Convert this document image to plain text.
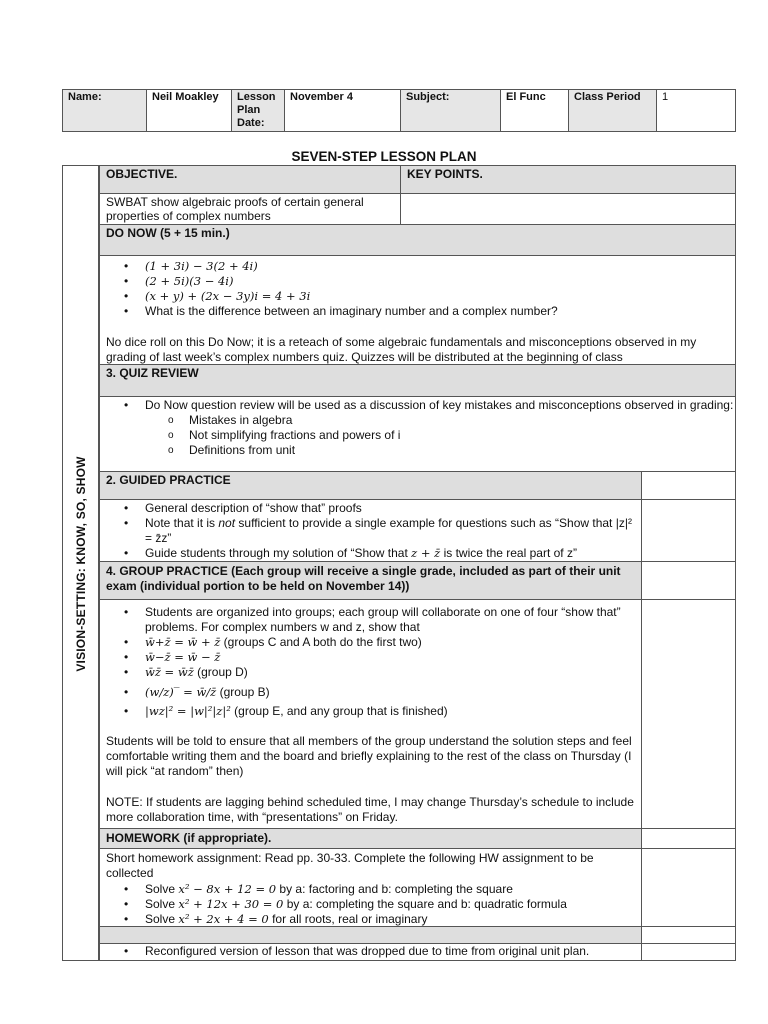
Name:	Neil Moakley	Lesson Plan Date:	November 4	Subject:	El Func	Class Period	1
SEVEN-STEP LESSON PLAN
VISION-SETTING: KNOW, SO, SHOW
OBJECTIVE.	KEY POINTS.
SWBAT show algebraic proofs of certain general properties of complex numbers
DO NOW (5 + 15 min.)
• (1 + 3i) − 3(2 + 4i)
• (2 + 5i)(3 − 4i)
• (x + y) + (2x − 3y)i = 4 + 3i
• What is the difference between an imaginary number and a complex number?
No dice roll on this Do Now; it is a reteach of some algebraic fundamentals and misconceptions observed in my grading of last week’s complex numbers quiz. Quizzes will be distributed at the beginning of class
3. QUIZ REVIEW
• Do Now question review will be used as a discussion of key mistakes and misconceptions observed in grading:
o Mistakes in algebra
o Not simplifying fractions and powers of i
o Definitions from unit
2. GUIDED PRACTICE
• General description of “show that” proofs
• Note that it is not sufficient to provide a single example for questions such as “Show that |z|² = z̄z”
• Guide students through my solution of “Show that z + z̄ is twice the real part of z”
4. GROUP PRACTICE (Each group will receive a single grade, included as part of their unit exam (individual portion to be held on November 14))
• Students are organized into groups; each group will collaborate on one of four “show that” problems. For complex numbers w and z, show that
• w̄+z̄ = w̄ + z̄ (groups C and A both do the first two)
• w̄−z̄ = w̄ − z̄
• w̄z̄ = w̄z̄ (group D)
• (w/z)‾ = w̄/z̄ (group B)
• |wz|² = |w|²|z|² (group E, and any group that is finished)
Students will be told to ensure that all members of the group understand the solution steps and feel comfortable writing them and the board and briefly explaining to the rest of the class on Thursday (I will pick “at random” then)
NOTE: If students are lagging behind scheduled time, I may change Thursday’s schedule to include more collaboration time, with “presentations” on Friday.
HOMEWORK (if appropriate).
Short homework assignment: Read pp. 30-33. Complete the following HW assignment to be collected
• Solve x² − 8x + 12 = 0 by a: factoring and b: completing the square
• Solve x² + 12x + 30 = 0 by a: completing the square and b: quadratic formula
• Solve x² + 2x + 4 = 0 for all roots, real or imaginary
• Reconfigured version of lesson that was dropped due to time from original unit plan.
